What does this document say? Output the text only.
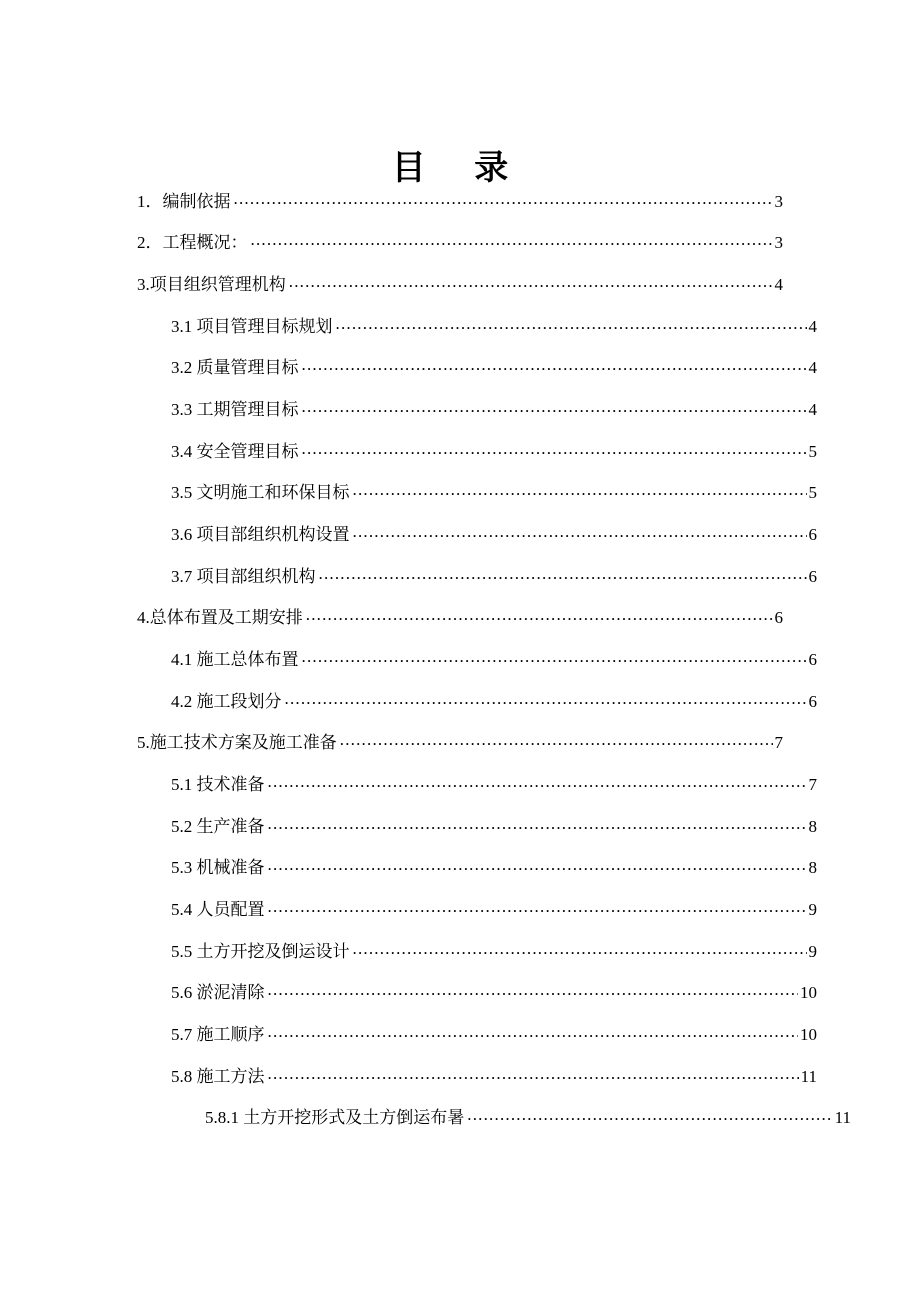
目 录
1．编制依据 .....	3
2．工程概况： .....	3
3.项目组织管理机构 .....	4
3.1 项目管理目标规划 .....	4
3.2 质量管理目标 .....	4
3.3 工期管理目标 .....	4
3.4 安全管理目标 .....	5
3.5 文明施工和环保目标 .....	5
3.6 项目部组织机构设置 .....	6
3.7 项目部组织机构 .....	6
4.总体布置及工期安排 .....	6
4.1 施工总体布置 .....	6
4.2 施工段划分 .....	6
5.施工技术方案及施工准备 .....	7
5.1 技术准备 .....	7
5.2 生产准备 .....	8
5.3 机械准备 .....	8
5.4 人员配置 .....	9
5.5 土方开挖及倒运设计 .....	9
5.6 淤泥清除 .....	10
5.7 施工顺序 .....	10
5.8 施工方法 .....	11
5.8.1 土方开挖形式及土方倒运布暑 .....	11
